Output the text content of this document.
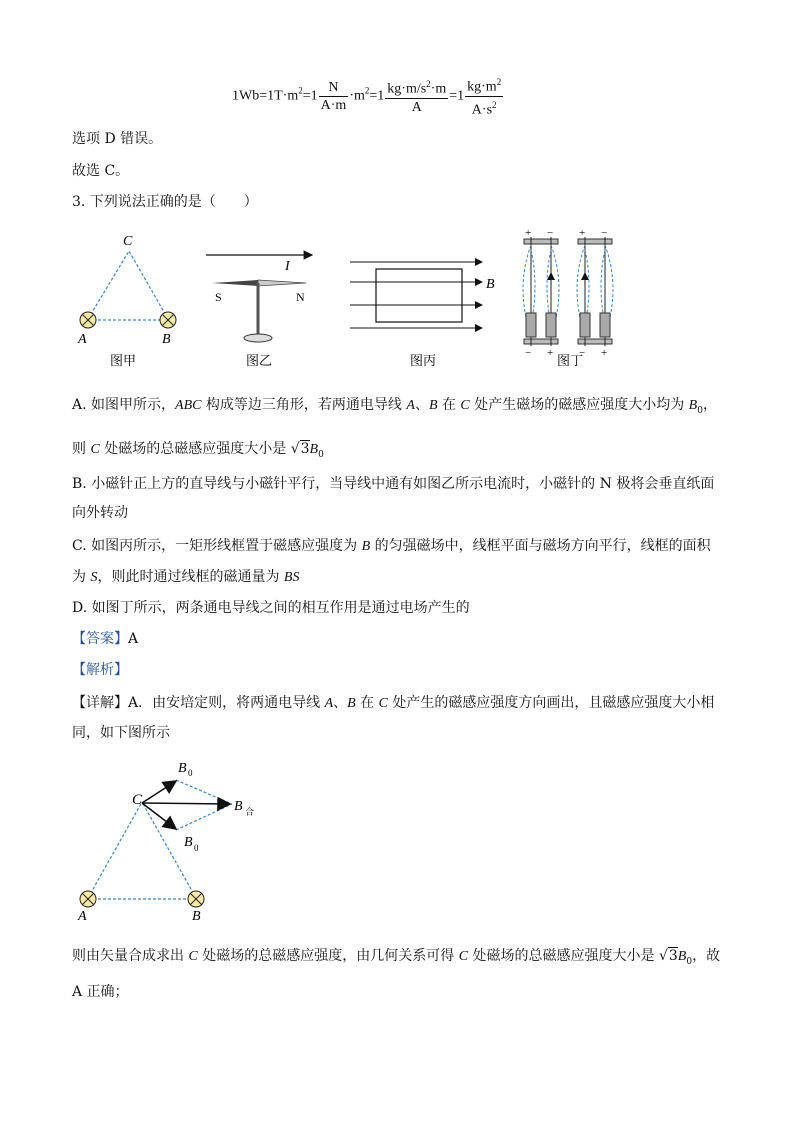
$1Wb=1T\cdot m^2=1 \frac{N}{A\cdot m} \cdot m^2=1 \frac{kg\cdot m/s^2\cdot m}{A} =1 \frac{kg\cdot m^2}{A\cdot s^2}$
选项 D 错误。
故选 C。
3. 下列说法正确的是（　　）
C
A	B
图甲
I
S	N
图乙
B
图丙
+ − + −
− + − +
图丁
A. 如图甲所示，ABC 构成等边三角形，若两通电导线 A、B 在 C 处产生磁场的磁感应强度大小均为 $B_0$，
则 C 处磁场的总磁感应强度大小是 $√3B_0$
B. 小磁针正上方的直导线与小磁针平行，当导线中通有如图乙所示电流时，小磁针的 N 极将会垂直纸面
向外转动
C. 如图丙所示，一矩形线框置于磁感应强度为 B 的匀强磁场中，线框平面与磁场方向平行，线框的面积
为 S，则此时通过线框的磁通量为 BS
D. 如图丁所示，两条通电导线之间的相互作用是通过电场产生的
【答案】A
【解析】
【详解】A．由安培定则，将两通电导线 A、B 在 C 处产生的磁感应强度方向画出，且磁感应强度大小相
同，如下图所示
C
A	B
B 0
B 0
B 合
则由矢量合成求出 C 处磁场的总磁感应强度，由几何关系可得 C 处磁场的总磁感应强度大小是 $√3B_0$，故
A 正确；
